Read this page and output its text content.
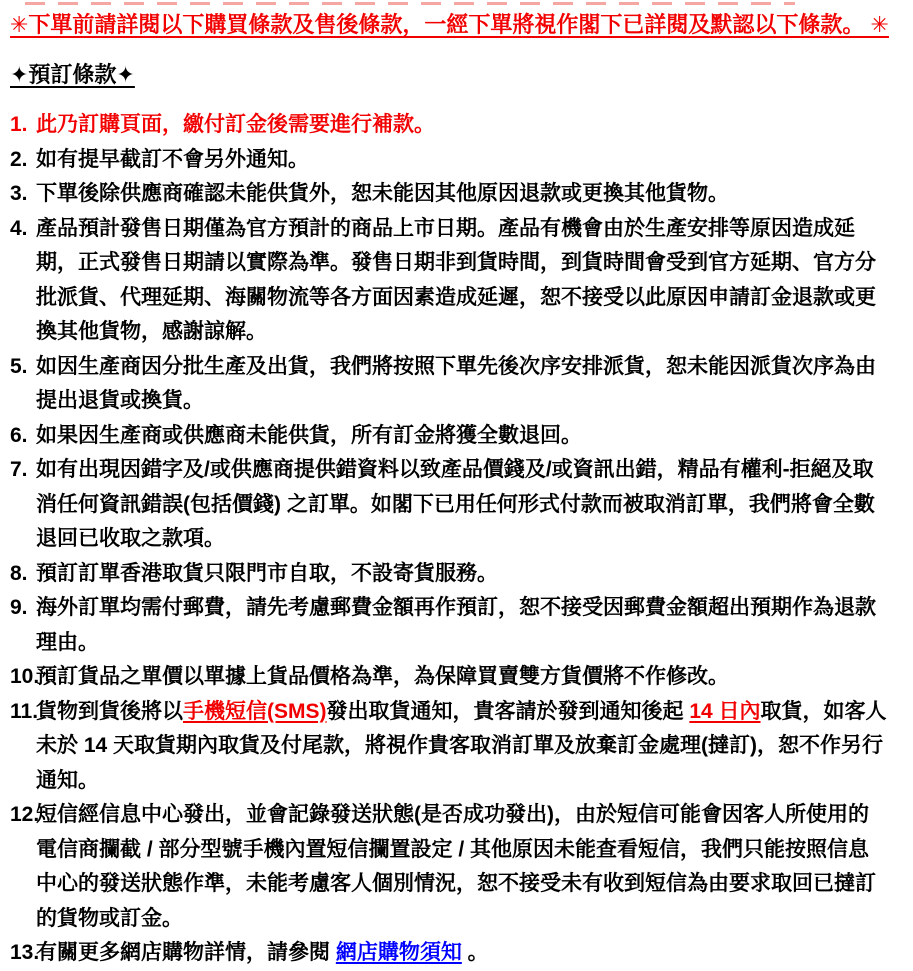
✳下單前請詳閱以下購買條款及售後條款，一經下單將視作閣下已詳閱及默認以下條款。 ✳
✦預訂條款✦
1. 此乃訂購頁面，繳付訂金後需要進行補款。
2. 如有提早截訂不會另外通知。
3. 下單後除供應商確認未能供貨外，恕未能因其他原因退款或更換其他貨物。
4. 產品預計發售日期僅為官方預計的商品上市日期。產品有機會由於生產安排等原因造成延期，正式發售日期請以實際為準。發售日期非到貨時間，到貨時間會受到官方延期、官方分批派貨、代理延期、海關物流等各方面因素造成延遲，恕不接受以此原因申請訂金退款或更換其他貨物，感謝諒解。
5. 如因生產商因分批生產及出貨，我們將按照下單先後次序安排派貨，恕未能因派貨次序為由提出退貨或換貨。
6. 如果因生產商或供應商未能供貨，所有訂金將獲全數退回。
7. 如有出現因錯字及/或供應商提供錯資料以致產品價錢及/或資訊出錯，精品有權利-拒絕及取消任何資訊錯誤(包括價錢) 之訂單。如閣下已用任何形式付款而被取消訂單，我們將會全數退回已收取之款項。
8. 預訂訂單香港取貨只限門市自取，不設寄貨服務。
9. 海外訂單均需付郵費，請先考慮郵費金額再作預訂，恕不接受因郵費金額超出預期作為退款理由。
10.
預訂貨品之單價以單據上貨品價格為準，為保障買賣雙方貨價將不作修改。
11.
貨物到貨後將以手機短信(SMS)發出取貨通知，貴客請於發到通知後起 14 日內取貨，如客人未於 14 天取貨期內取貨及付尾款，將視作貴客取消訂單及放棄訂金處理(撻訂)，恕不作另行通知。
12.
短信經信息中心發出，並會記錄發送狀態(是否成功發出)，由於短信可能會因客人所使用的電信商攔截 / 部分型號手機內置短信攔置設定 / 其他原因未能查看短信，我們只能按照信息中心的發送狀態作準，未能考慮客人個別情況，恕不接受未有收到短信為由要求取回已撻訂的貨物或訂金。
13.
有關更多網店購物詳情，請參閱 網店購物須知 。
